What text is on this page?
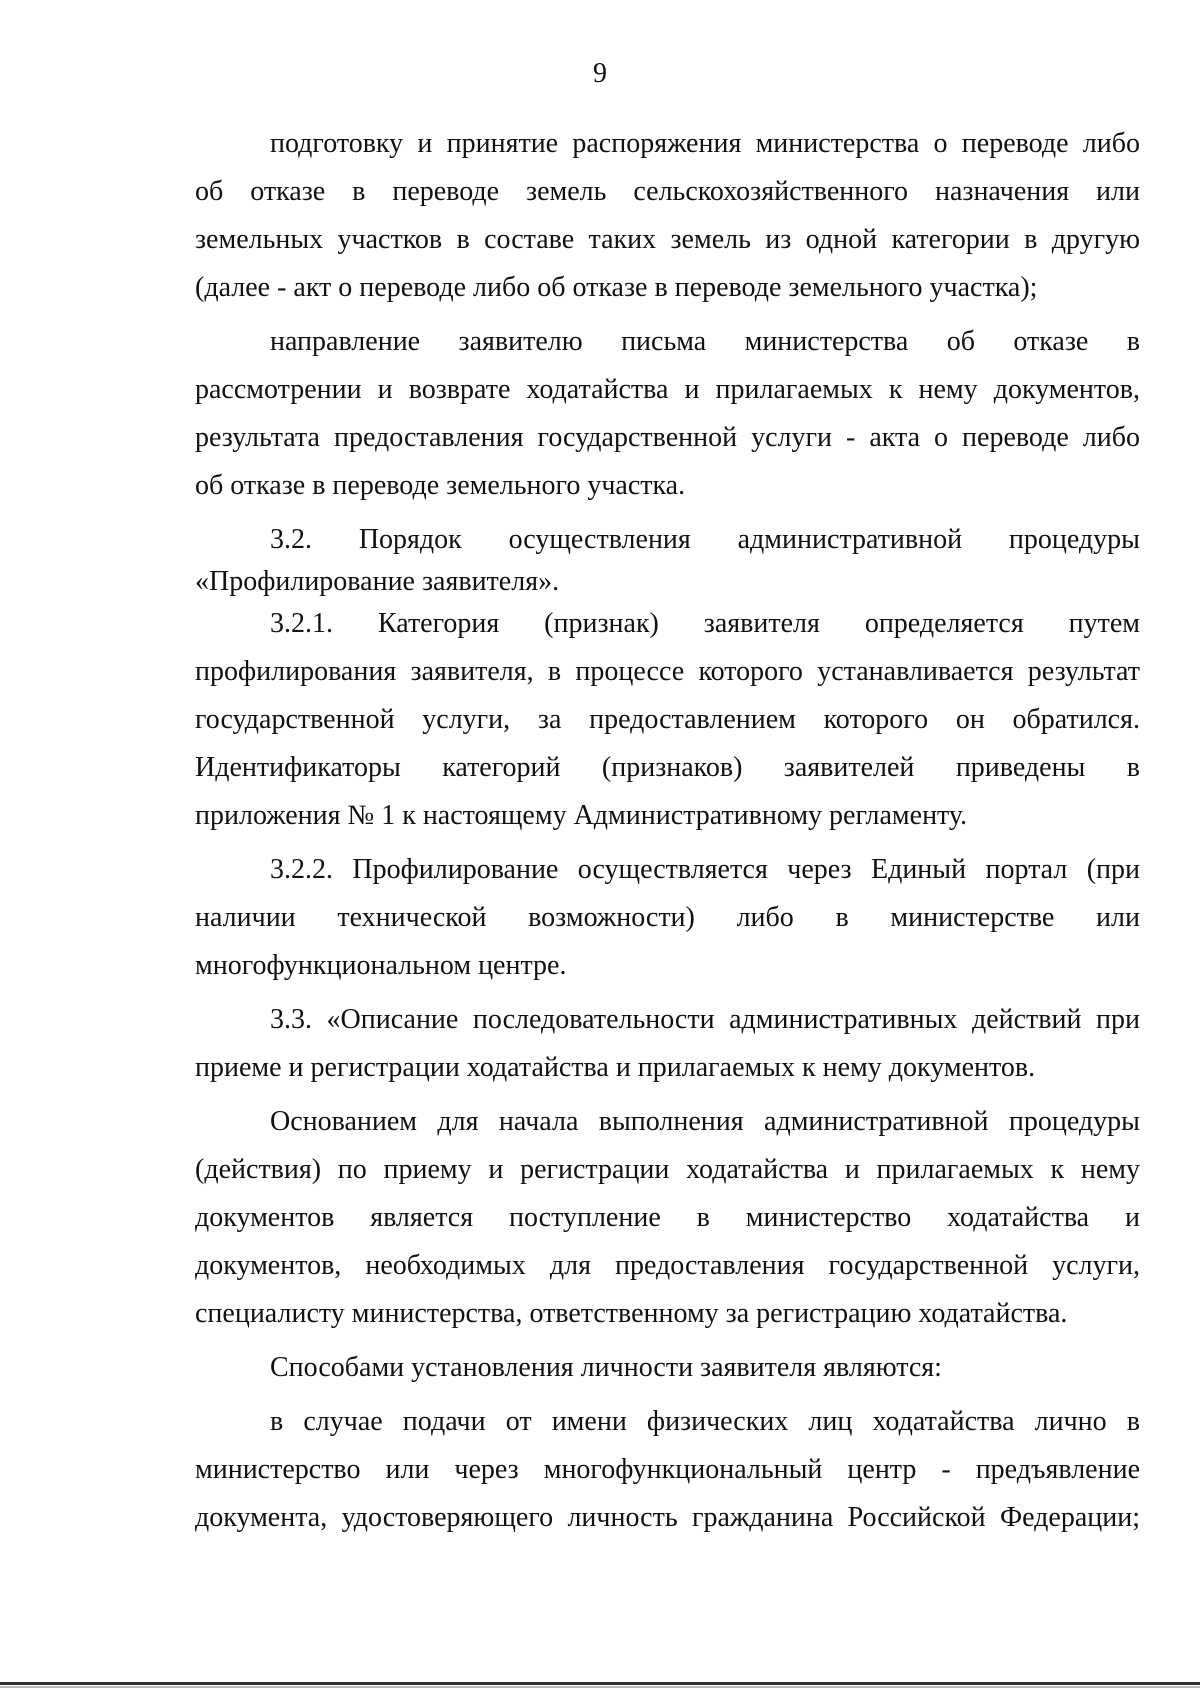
9
подготовку и принятие распоряжения министерства о переводе либо
об отказе в переводе земель сельскохозяйственного назначения или
земельных участков в составе таких земель из одной категории в другую
(далее - акт о переводе либо об отказе в переводе земельного участка);
направление заявителю письма министерства об отказе в
рассмотрении и возврате ходатайства и прилагаемых к нему документов,
результата предоставления государственной услуги - акта о переводе либо
об отказе в переводе земельного участка.
3.2. Порядок осуществления административной процедуры
«Профилирование заявителя».
3.2.1. Категория (признак) заявителя определяется путем
профилирования заявителя, в процессе которого устанавливается результат
государственной услуги, за предоставлением которого он обратился.
Идентификаторы категорий (признаков) заявителей приведены в
приложения № 1 к настоящему Административному регламенту.
3.2.2. Профилирование осуществляется через Единый портал (при
наличии технической возможности) либо в министерстве или
многофункциональном центре.
3.3. «Описание последовательности административных действий при
приеме и регистрации ходатайства и прилагаемых к нему документов.
Основанием для начала выполнения административной процедуры
(действия) по приему и регистрации ходатайства и прилагаемых к нему
документов является поступление в министерство ходатайства и
документов, необходимых для предоставления государственной услуги,
специалисту министерства, ответственному за регистрацию ходатайства.
Способами установления личности заявителя являются:
в случае подачи от имени физических лиц ходатайства лично в
министерство или через многофункциональный центр - предъявление
документа, удостоверяющего личность гражданина Российской Федерации;
